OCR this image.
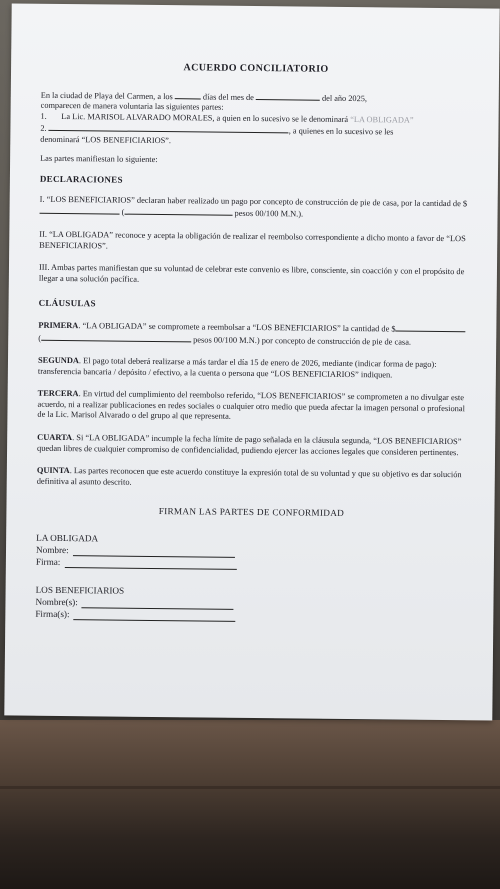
ACUERDO CONCILIATORIO

En la ciudad de Playa del Carmen, a los	días del mes de	del año 2025,

comparecen de manera voluntaria las siguientes partes:

1. La Lic. MARISOL ALVARADO MORALES, a quien en lo sucesivo se le denominará “LA OBLIGADA”

2.	, a quienes en lo sucesivo se les

denominará “LOS BENEFICIARIOS”.

Las partes manifiestan lo siguiente:

DECLARACIONES

I. “LOS BENEFICIARIOS” declaran haber realizado un pago por concepto de construcción de pie de casa, por la cantidad de $ (	pesos 00/100 M.N.).

II. “LA OBLIGADA” reconoce y acepta la obligación de realizar el reembolso correspondiente a dicho monto a favor de “LOS BENEFICIARIOS”.

III. Ambas partes manifiestan que su voluntad de celebrar este convenio es libre, consciente, sin coacción y con el propósito de llegar a una solución pacífica.

CLÁUSULAS

PRIMERA. “LA OBLIGADA” se compromete a reembolsar a “LOS BENEFICIARIOS” la cantidad de $ (	pesos 00/100 M.N.) por concepto de construcción de pie de casa.

SEGUNDA. El pago total deberá realizarse a más tardar el día 15 de enero de 2026, mediante (indicar forma de pago): transferencia bancaria / depósito / efectivo, a la cuenta o persona que “LOS BENEFICIARIOS” indiquen.

TERCERA. En virtud del cumplimiento del reembolso referido, “LOS BENEFICIARIOS” se comprometen a no divulgar este acuerdo, ni a realizar publicaciones en redes sociales o cualquier otro medio que pueda afectar la imagen personal o profesional de la Lic. Marisol Alvarado o del grupo al que representa.

CUARTA. Si “LA OBLIGADA” incumple la fecha límite de pago señalada en la cláusula segunda, “LOS BENEFICIARIOS” quedan libres de cualquier compromiso de confidencialidad, pudiendo ejercer las acciones legales que consideren pertinentes.

QUINTA. Las partes reconocen que este acuerdo constituye la expresión total de su voluntad y que su objetivo es dar solución definitiva al asunto descrito.

FIRMAN LAS PARTES DE CONFORMIDAD

LA OBLIGADA

Nombre:
Firma:

LOS BENEFICIARIOS

Nombre(s):
Firma(s):
